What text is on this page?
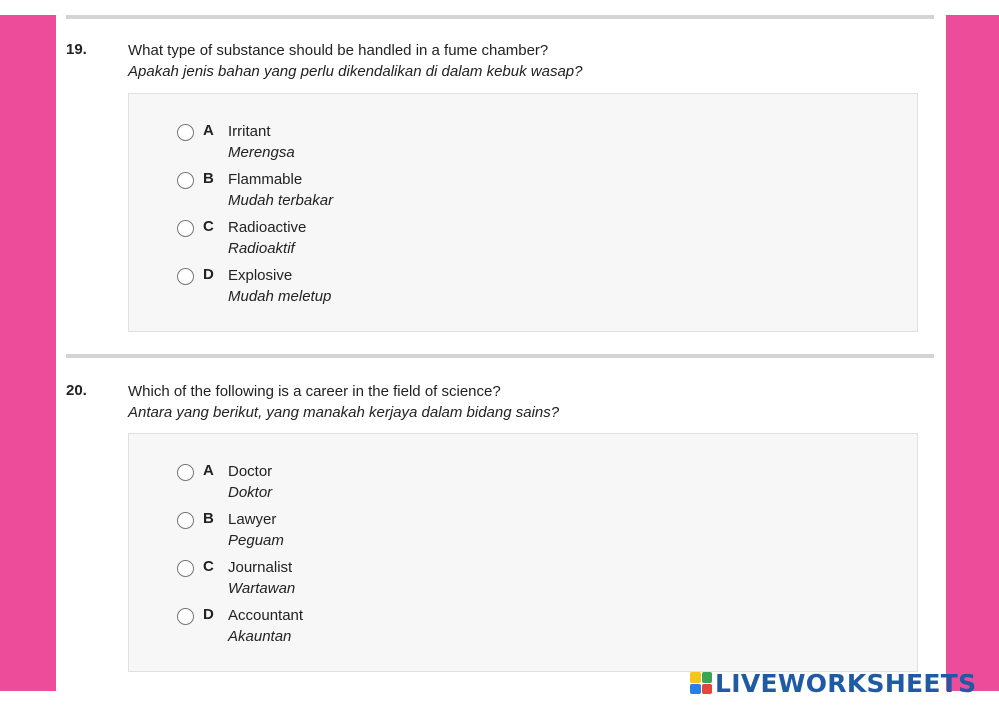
19.	What type of substance should be handled in a fume chamber?
Apakah jenis bahan yang perlu dikendalikan di dalam kebuk wasap?
A Irritant
Merengsa
B Flammable
Mudah terbakar
C Radioactive
Radioaktif
D Explosive
Mudah meletup
20.	Which of the following is a career in the field of science?
Antara yang berikut, yang manakah kerjaya dalam bidang sains?
A Doctor
Doktor
B Lawyer
Peguam
C Journalist
Wartawan
D Accountant
Akauntan
LIVEWORKSHEETS
